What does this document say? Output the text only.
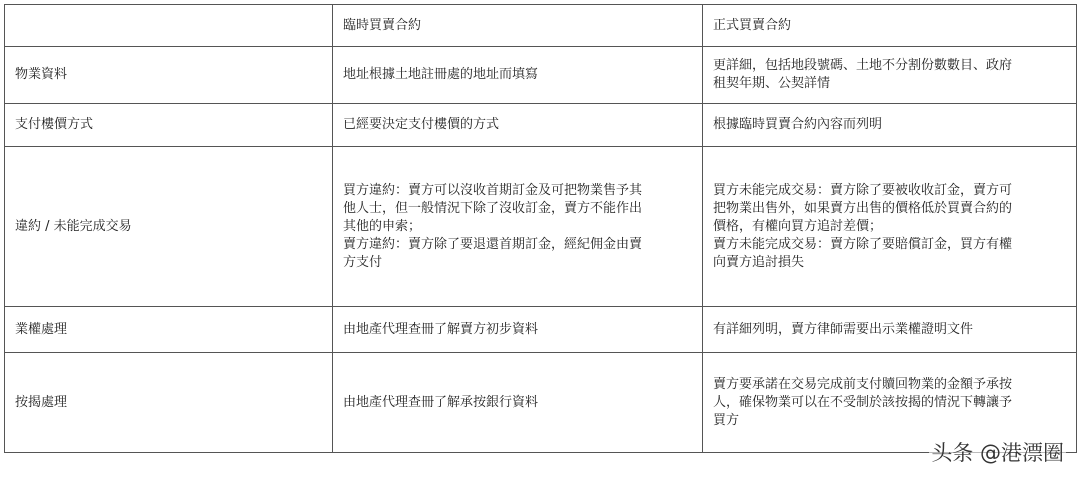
	臨時買賣合約	正式買賣合約
物業資料	地址根據土地註冊處的地址而填寫	更詳細，包括地段號碼、土地不分割份數數目、政府
租契年期、公契詳情

支付樓價方式	已經要決定支付樓價的方式	根據臨時買賣合約內容而列明

違約 / 未能完成交易	買方違約：賣方可以沒收首期訂金及可把物業售予其
他人士，但一般情況下除了沒收訂金，賣方不能作出
其他的申索；
賣方違約：賣方除了要退還首期訂金，經紀佣金由賣
方支付	買方未能完成交易：賣方除了要被收收訂金，賣方可
把物業出售外，如果賣方出售的價格低於買賣合約的
價格，有權向買方追討差價；
賣方未能完成交易：賣方除了要賠償訂金，買方有權
向賣方追討損失

業權處理	由地產代理查冊了解賣方初步資料	有詳細列明，賣方律師需要出示業權證明文件

按揭處理	由地產代理查冊了解承按銀行資料	賣方要承諾在交易完成前支付贖回物業的金額予承按
人，確保物業可以在不受制於該按揭的情況下轉讓予
買方
头条 @港漂圈
